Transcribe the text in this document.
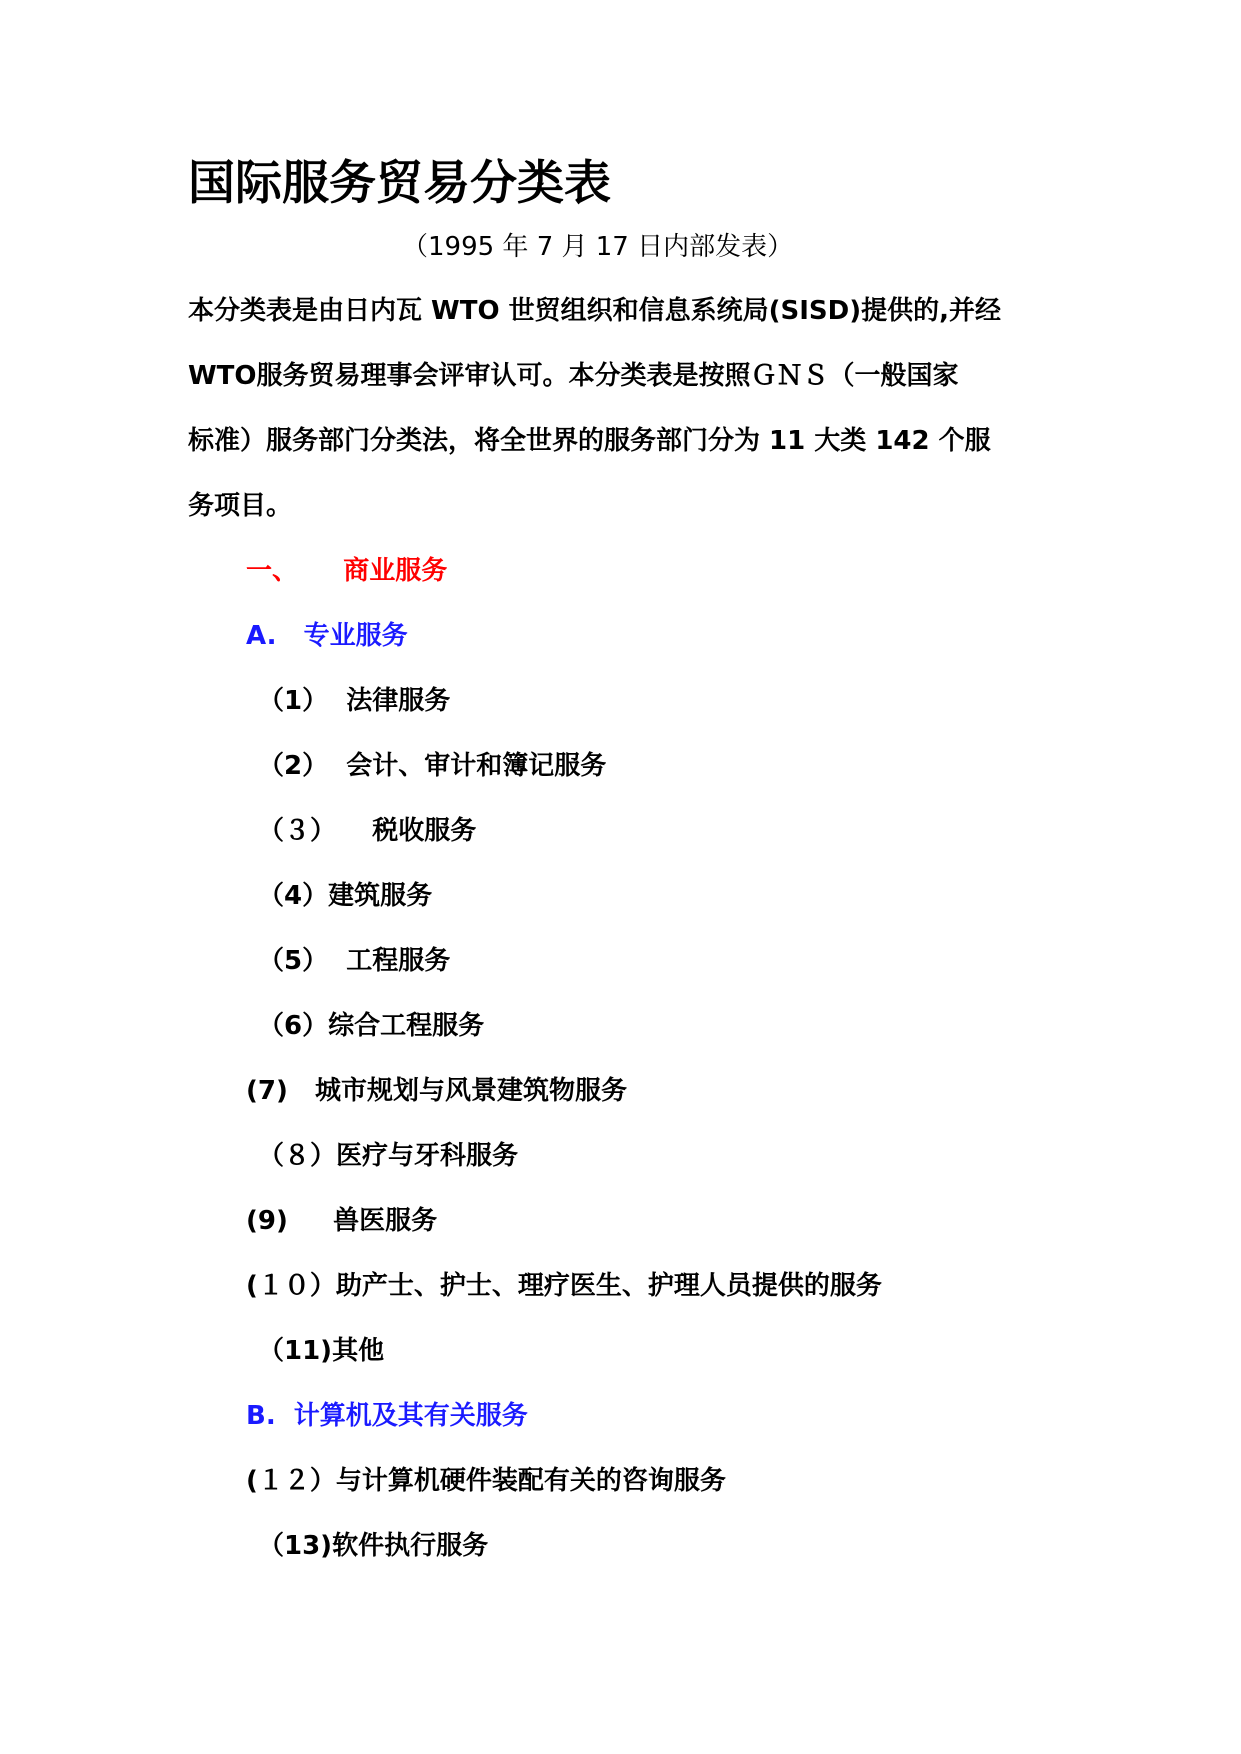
国际服务贸易分类表
（1995 年 7 月 17 日内部发表）
本分类表是由日内瓦 WTO 世贸组织和信息系统局(SISD)提供的,并经
WTO服务贸易理事会评审认可。本分类表是按照ＧＮＳ（一般国家
标准）服务部门分类法，将全世界的服务部门分为 11 大类 142 个服
务项目。
一、     商业服务
A.   专业服务
（1）  法律服务
（2）  会计、审计和簿记服务
（３）    税收服务
（4）建筑服务
（5）  工程服务
（6）综合工程服务
(7)   城市规划与风景建筑物服务
（８）医疗与牙科服务
(9)     兽医服务
(１０）助产士、护士、理疗医生、护理人员提供的服务
（11)其他
B.  计算机及其有关服务
(１２）与计算机硬件装配有关的咨询服务
（13)软件执行服务
